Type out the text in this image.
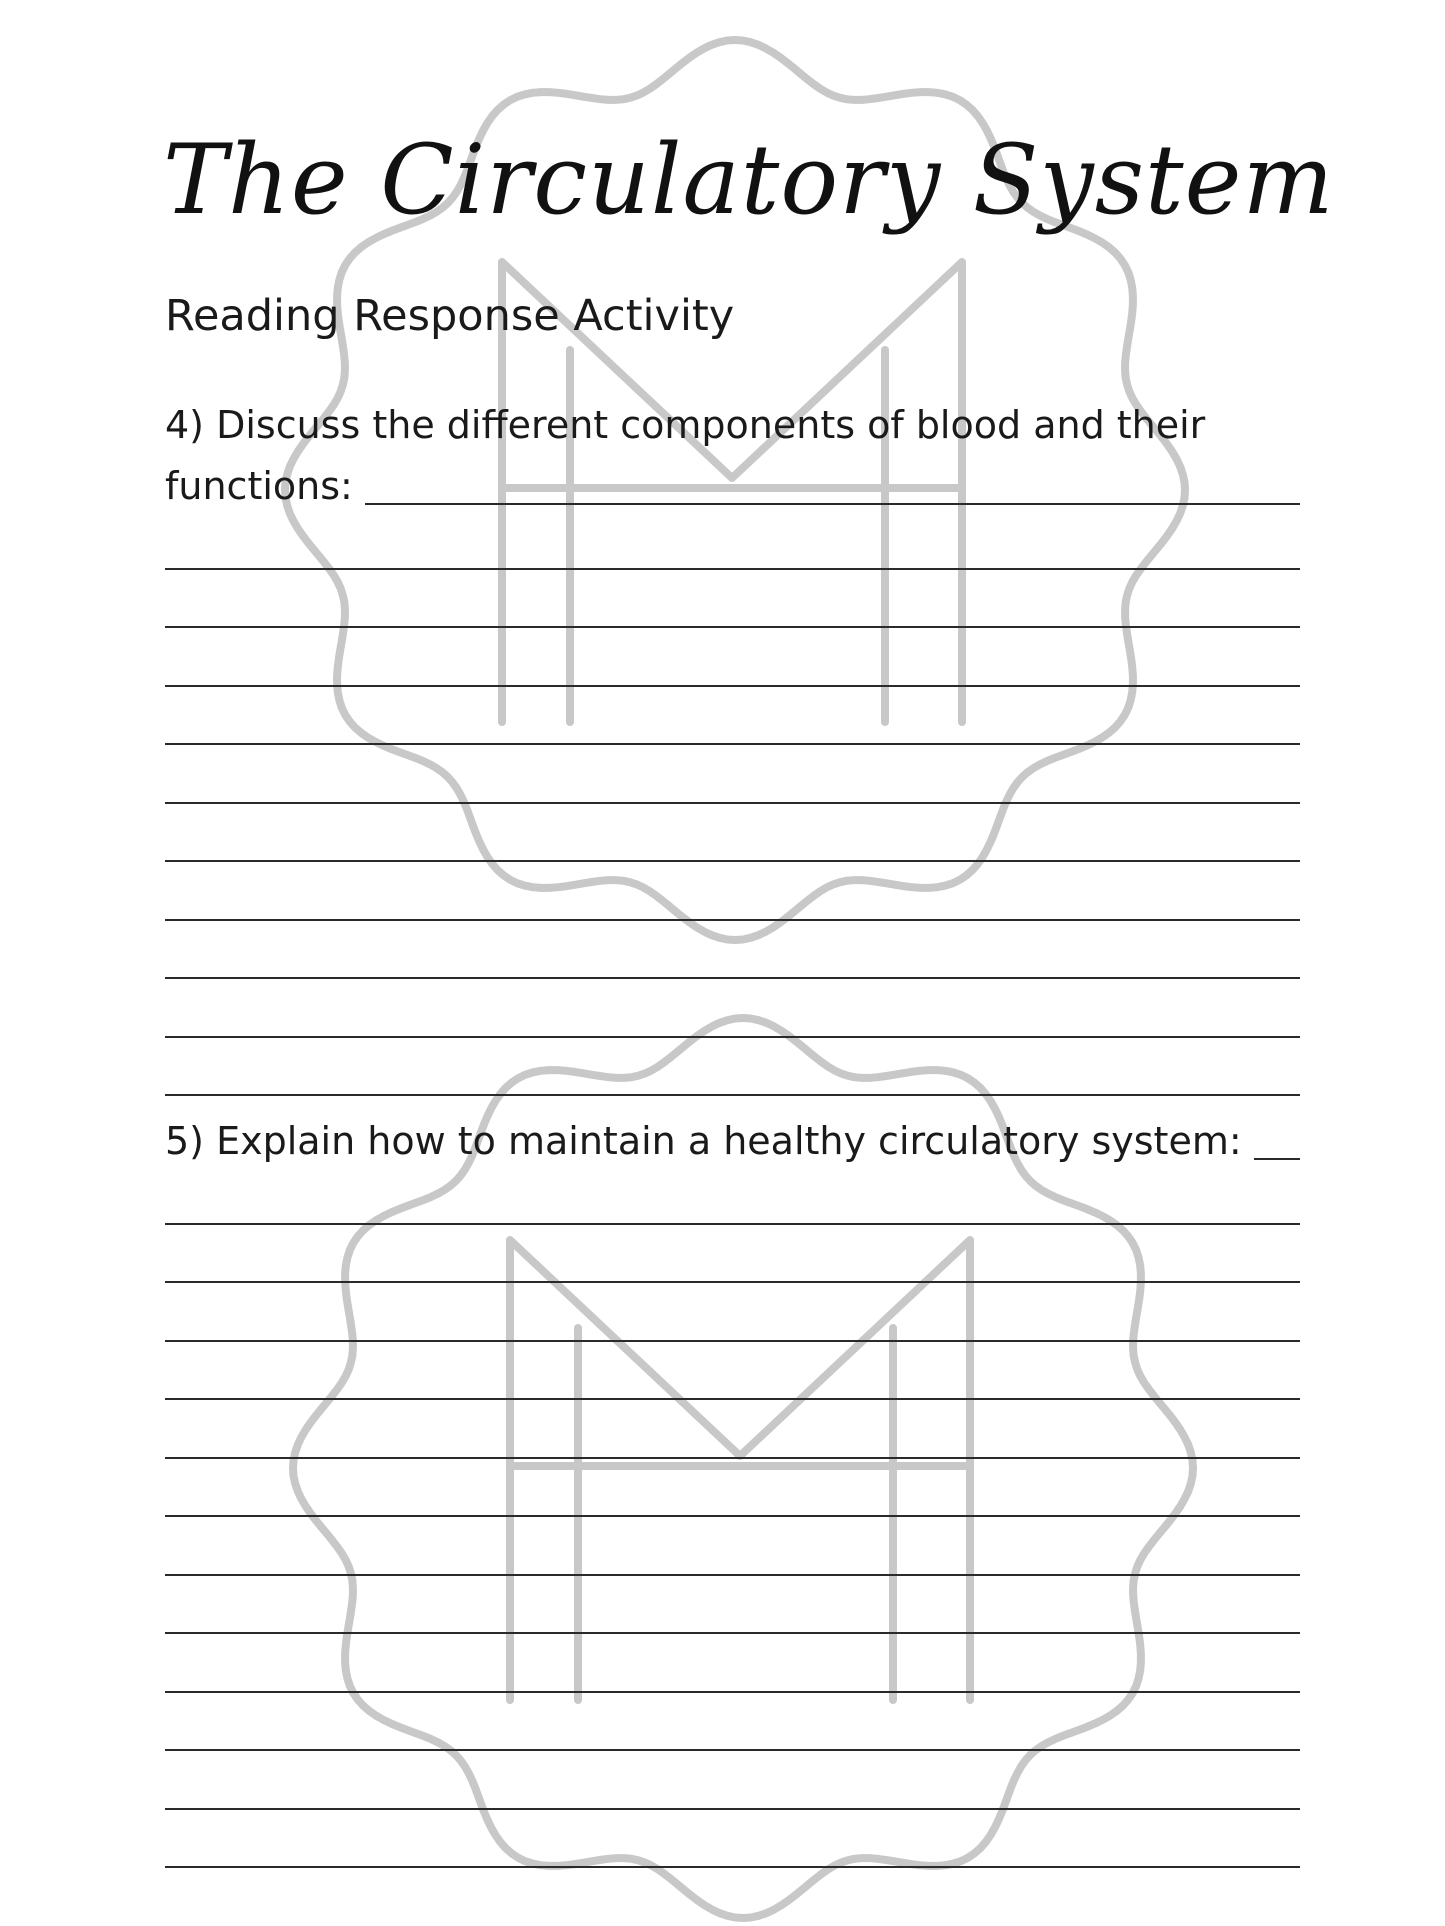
The Circulatory System
Reading Response Activity
4) Discuss the different components of blood and their
functions:
5) Explain how to maintain a healthy circulatory system:
